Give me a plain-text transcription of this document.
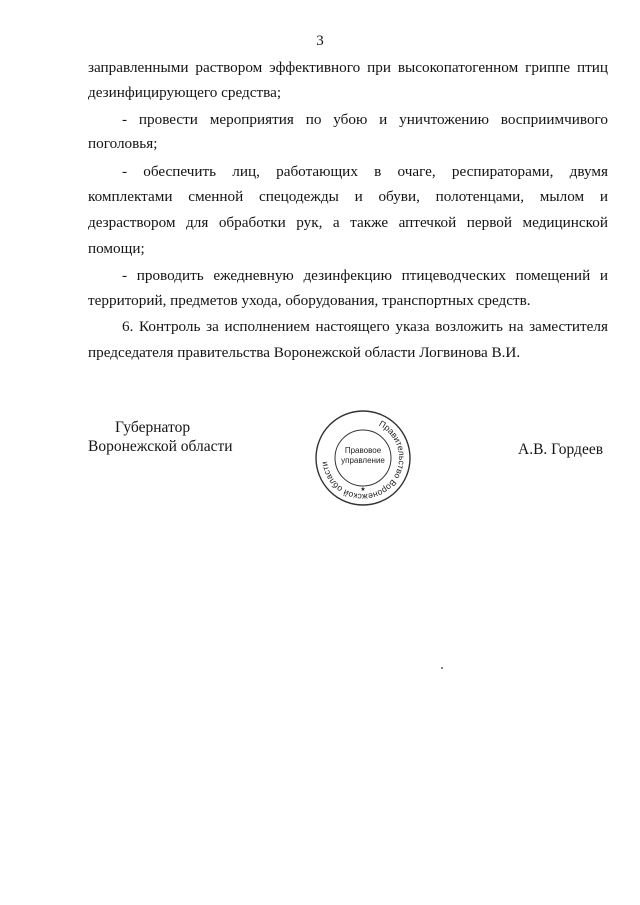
3
заправленными раствором эффективного при высокопатогенном гриппе птиц
дезинфицирующего средства;
- провести мероприятия по убою и уничтожению восприимчивого
поголовья;
- обеспечить лиц, работающих в очаге, респираторами, двумя
комплектами сменной спецодежды и обуви, полотенцами, мылом и
дезраствором для обработки рук, а также аптечкой первой медицинской
помощи;
- проводить ежедневную дезинфекцию птицеводческих помещений и
территорий, предметов ухода, оборудования, транспортных средств.
6. Контроль за исполнением настоящего указа возложить на заместителя
председателя правительства Воронежской области Логвинова В.И.
Губернатор
Воронежской области	А.В. Гордеев
Правительство Воронежской области
Правовое
управление
★
